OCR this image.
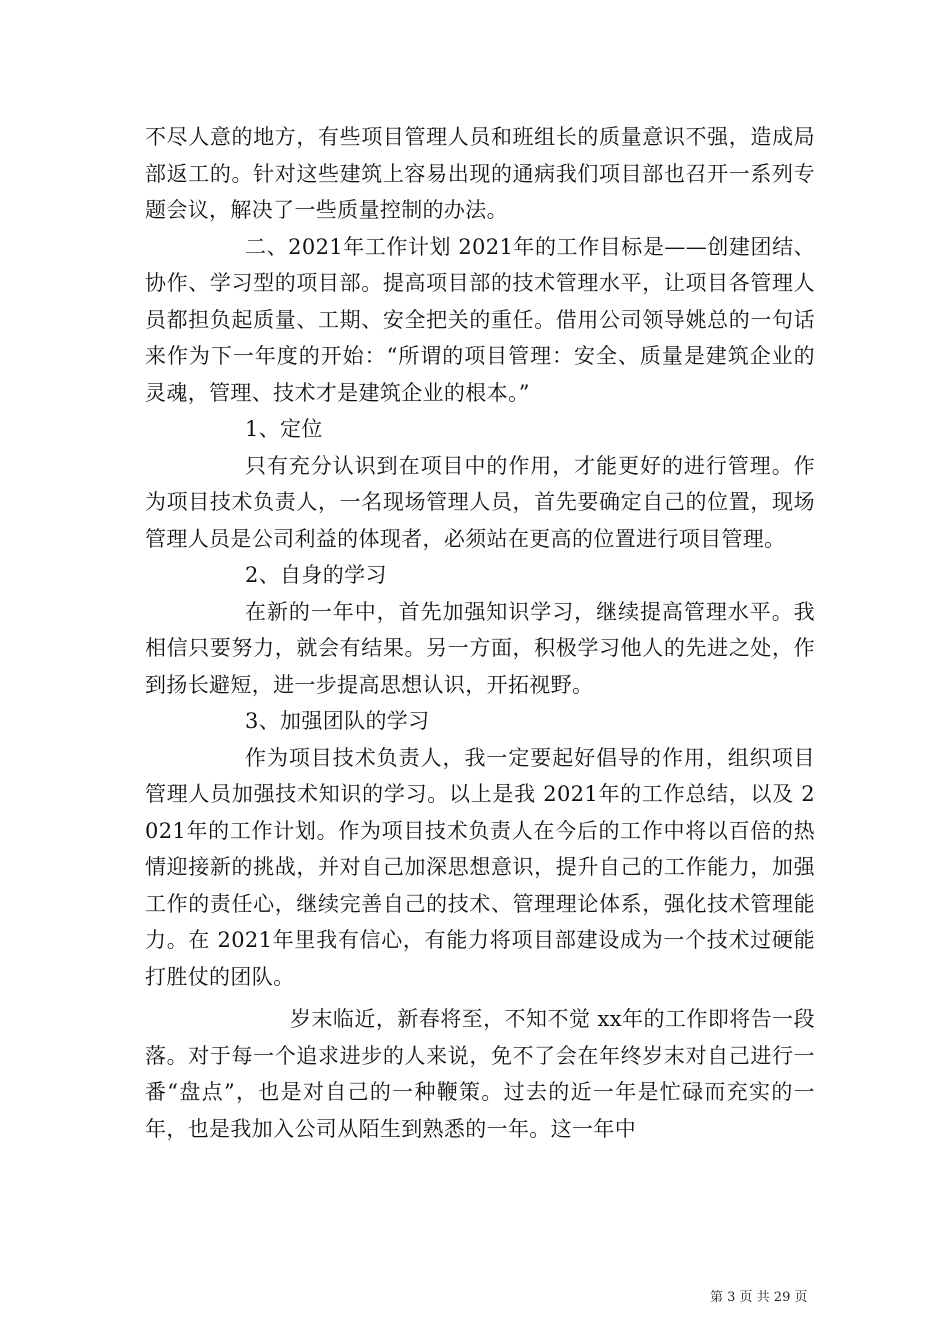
不尽人意的地方，有些项目管理人员和班组长的质量意识不强，造成局部返工的。针对这些建筑上容易出现的通病我们项目部也召开一系列专题会议，解决了一些质量控制的办法。

二、2021年工作计划 2021年的工作目标是——创建团结、协作、学习型的项目部。提高项目部的技术管理水平，让项目各管理人员都担负起质量、工期、安全把关的重任。借用公司领导姚总的一句话来作为下一年度的开始：“所谓的项目管理：安全、质量是建筑企业的灵魂，管理、技术才是建筑企业的根本。”

1、定位

只有充分认识到在项目中的作用，才能更好的进行管理。作为项目技术负责人，一名现场管理人员，首先要确定自己的位置，现场管理人员是公司利益的体现者，必须站在更高的位置进行项目管理。

2、自身的学习

在新的一年中，首先加强知识学习，继续提高管理水平。我相信只要努力，就会有结果。另一方面，积极学习他人的先进之处，作到扬长避短，进一步提高思想认识，开拓视野。

3、加强团队的学习

作为项目技术负责人，我一定要起好倡导的作用，组织项目管理人员加强技术知识的学习。以上是我 2021年的工作总结，以及 2021年的工作计划。作为项目技术负责人在今后的工作中将以百倍的热情迎接新的挑战，并对自己加深思想意识，提升自己的工作能力，加强工作的责任心，继续完善自己的技术、管理理论体系，强化技术管理能力。在 2021年里我有信心，有能力将项目部建设成为一个技术过硬能打胜仗的团队。

岁末临近，新春将至，不知不觉 xx年的工作即将告一段落。对于每一个追求进步的人来说，免不了会在年终岁末对自己进行一番“盘点”，也是对自己的一种鞭策。过去的近一年是忙碌而充实的一年，也是我加入公司从陌生到熟悉的一年。这一年中

第 3 页 共 29 页
